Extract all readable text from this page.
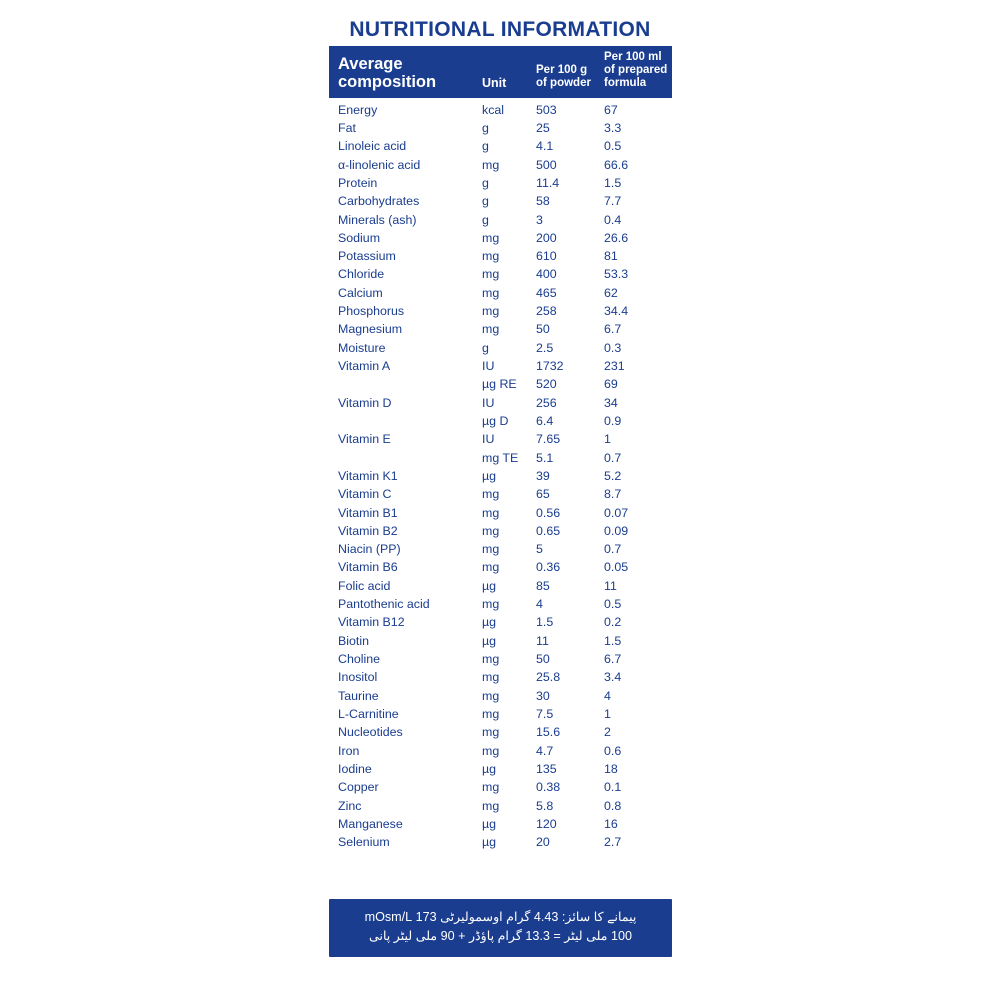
NUTRITIONAL INFORMATION
Average composition	Unit	Per 100 g of powder	Per 100 ml of prepared formula
Energy	kcal	503	67
Fat	g	25	3.3
Linoleic acid	g	4.1	0.5
α-linolenic acid	mg	500	66.6
Protein	g	11.4	1.5
Carbohydrates	g	58	7.7
Minerals (ash)	g	3	0.4
Sodium	mg	200	26.6
Potassium	mg	610	81
Chloride	mg	400	53.3
Calcium	mg	465	62
Phosphorus	mg	258	34.4
Magnesium	mg	50	6.7
Moisture	g	2.5	0.3
Vitamin A	IU	1732	231
	µg RE	520	69
Vitamin D	IU	256	34
	µg D	6.4	0.9
Vitamin E	IU	7.65	1
	mg TE	5.1	0.7
Vitamin K1	µg	39	5.2
Vitamin C	mg	65	8.7
Vitamin B1	mg	0.56	0.07
Vitamin B2	mg	0.65	0.09
Niacin (PP)	mg	5	0.7
Vitamin B6	mg	0.36	0.05
Folic acid	µg	85	11
Pantothenic acid	mg	4	0.5
Vitamin B12	µg	1.5	0.2
Biotin	µg	11	1.5
Choline	mg	50	6.7
Inositol	mg	25.8	3.4
Taurine	mg	30	4
L-Carnitine	mg	7.5	1
Nucleotides	mg	15.6	2
Iron	mg	4.7	0.6
Iodine	µg	135	18
Copper	mg	0.38	0.1
Zinc	mg	5.8	0.8
Manganese	µg	120	16
Selenium	µg	20	2.7
پیمانے کا سائز: 4.43 گرام اوسمولیرٹی 173 mOsm/L
100 ملی لیٹر = 13.3 گرام پاؤڈر + 90 ملی لیٹر پانی
